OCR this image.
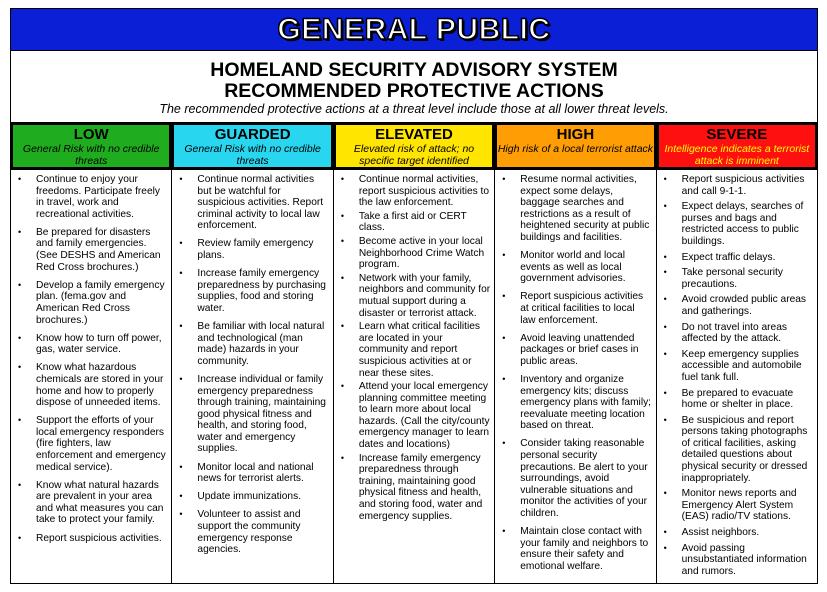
GENERAL PUBLIC
HOMELAND SECURITY ADVISORY SYSTEM
RECOMMENDED PROTECTIVE ACTIONS
The recommended protective actions at a threat level include those at all lower threat levels.
LOW
General Risk with no credible threats
• Continue to enjoy your freedoms. Participate freely in travel, work and recreational activities.
• Be prepared for disasters and family emergencies. (See DESHS and American Red Cross brochures.)
• Develop a family emergency plan. (fema.gov and American Red Cross brochures.)
• Know how to turn off power, gas, water service.
• Know what hazardous chemicals are stored in your home and how to properly dispose of unneeded items.
• Support the efforts of your local emergency responders (fire fighters, law enforcement and emergency medical service).
• Know what natural hazards are prevalent in your area and what measures you can take to protect your family.
• Report suspicious activities.
GUARDED
General Risk with no credible threats
• Continue normal activities but be watchful for suspicious activities. Report criminal activity to local law enforcement.
• Review family emergency plans.
• Increase family emergency preparedness by purchasing supplies, food and storing water.
• Be familiar with local natural and technological (man made) hazards in your community.
• Increase individual or family emergency preparedness through training, maintaining good physical fitness and health, and storing food, water and emergency supplies.
• Monitor local and national news for terrorist alerts.
• Update immunizations.
• Volunteer to assist and support the community emergency response agencies.
ELEVATED
Elevated risk of attack; no specific target identified
• Continue normal activities, report suspicious activities to the law enforcement.
• Take a first aid or CERT class.
• Become active in your local Neighborhood Crime Watch program.
• Network with your family, neighbors and community for mutual support during a disaster or terrorist attack.
• Learn what critical facilities are located in your community and report suspicious activities at or near these sites.
• Attend your local emergency planning committee meeting to learn more about local hazards. (Call the city/county emergency manager to learn dates and locations)
• Increase family emergency preparedness through training, maintaining good physical fitness and health, and storing food, water and emergency supplies.
HIGH
High risk of a local terrorist attack
• Resume normal activities, expect some delays, baggage searches and restrictions as a result of heightened security at public buildings and facilities.
• Monitor world and local events as well as local government advisories.
• Report suspicious activities at critical facilities to local law enforcement.
• Avoid leaving unattended packages or brief cases in public areas.
• Inventory and organize emergency kits; discuss emergency plans with family; reevaluate meeting location based on threat.
• Consider taking reasonable personal security precautions. Be alert to your surroundings, avoid vulnerable situations and monitor the activities of your children.
• Maintain close contact with your family and neighbors to ensure their safety and emotional welfare.
SEVERE
Intelligence indicates a terrorist attack is imminent
• Report suspicious activities and call 9-1-1.
• Expect delays, searches of purses and bags and restricted access to public buildings.
• Expect traffic delays.
• Take personal security precautions.
• Avoid crowded public areas and gatherings.
• Do not travel into areas affected by the attack.
• Keep emergency supplies accessible and automobile fuel tank full.
• Be prepared to evacuate home or shelter in place.
• Be suspicious and report persons taking photographs of critical facilities, asking detailed questions about physical security or dressed inappropriately.
• Monitor news reports and Emergency Alert System (EAS) radio/TV stations.
• Assist neighbors.
• Avoid passing unsubstantiated information and rumors.
